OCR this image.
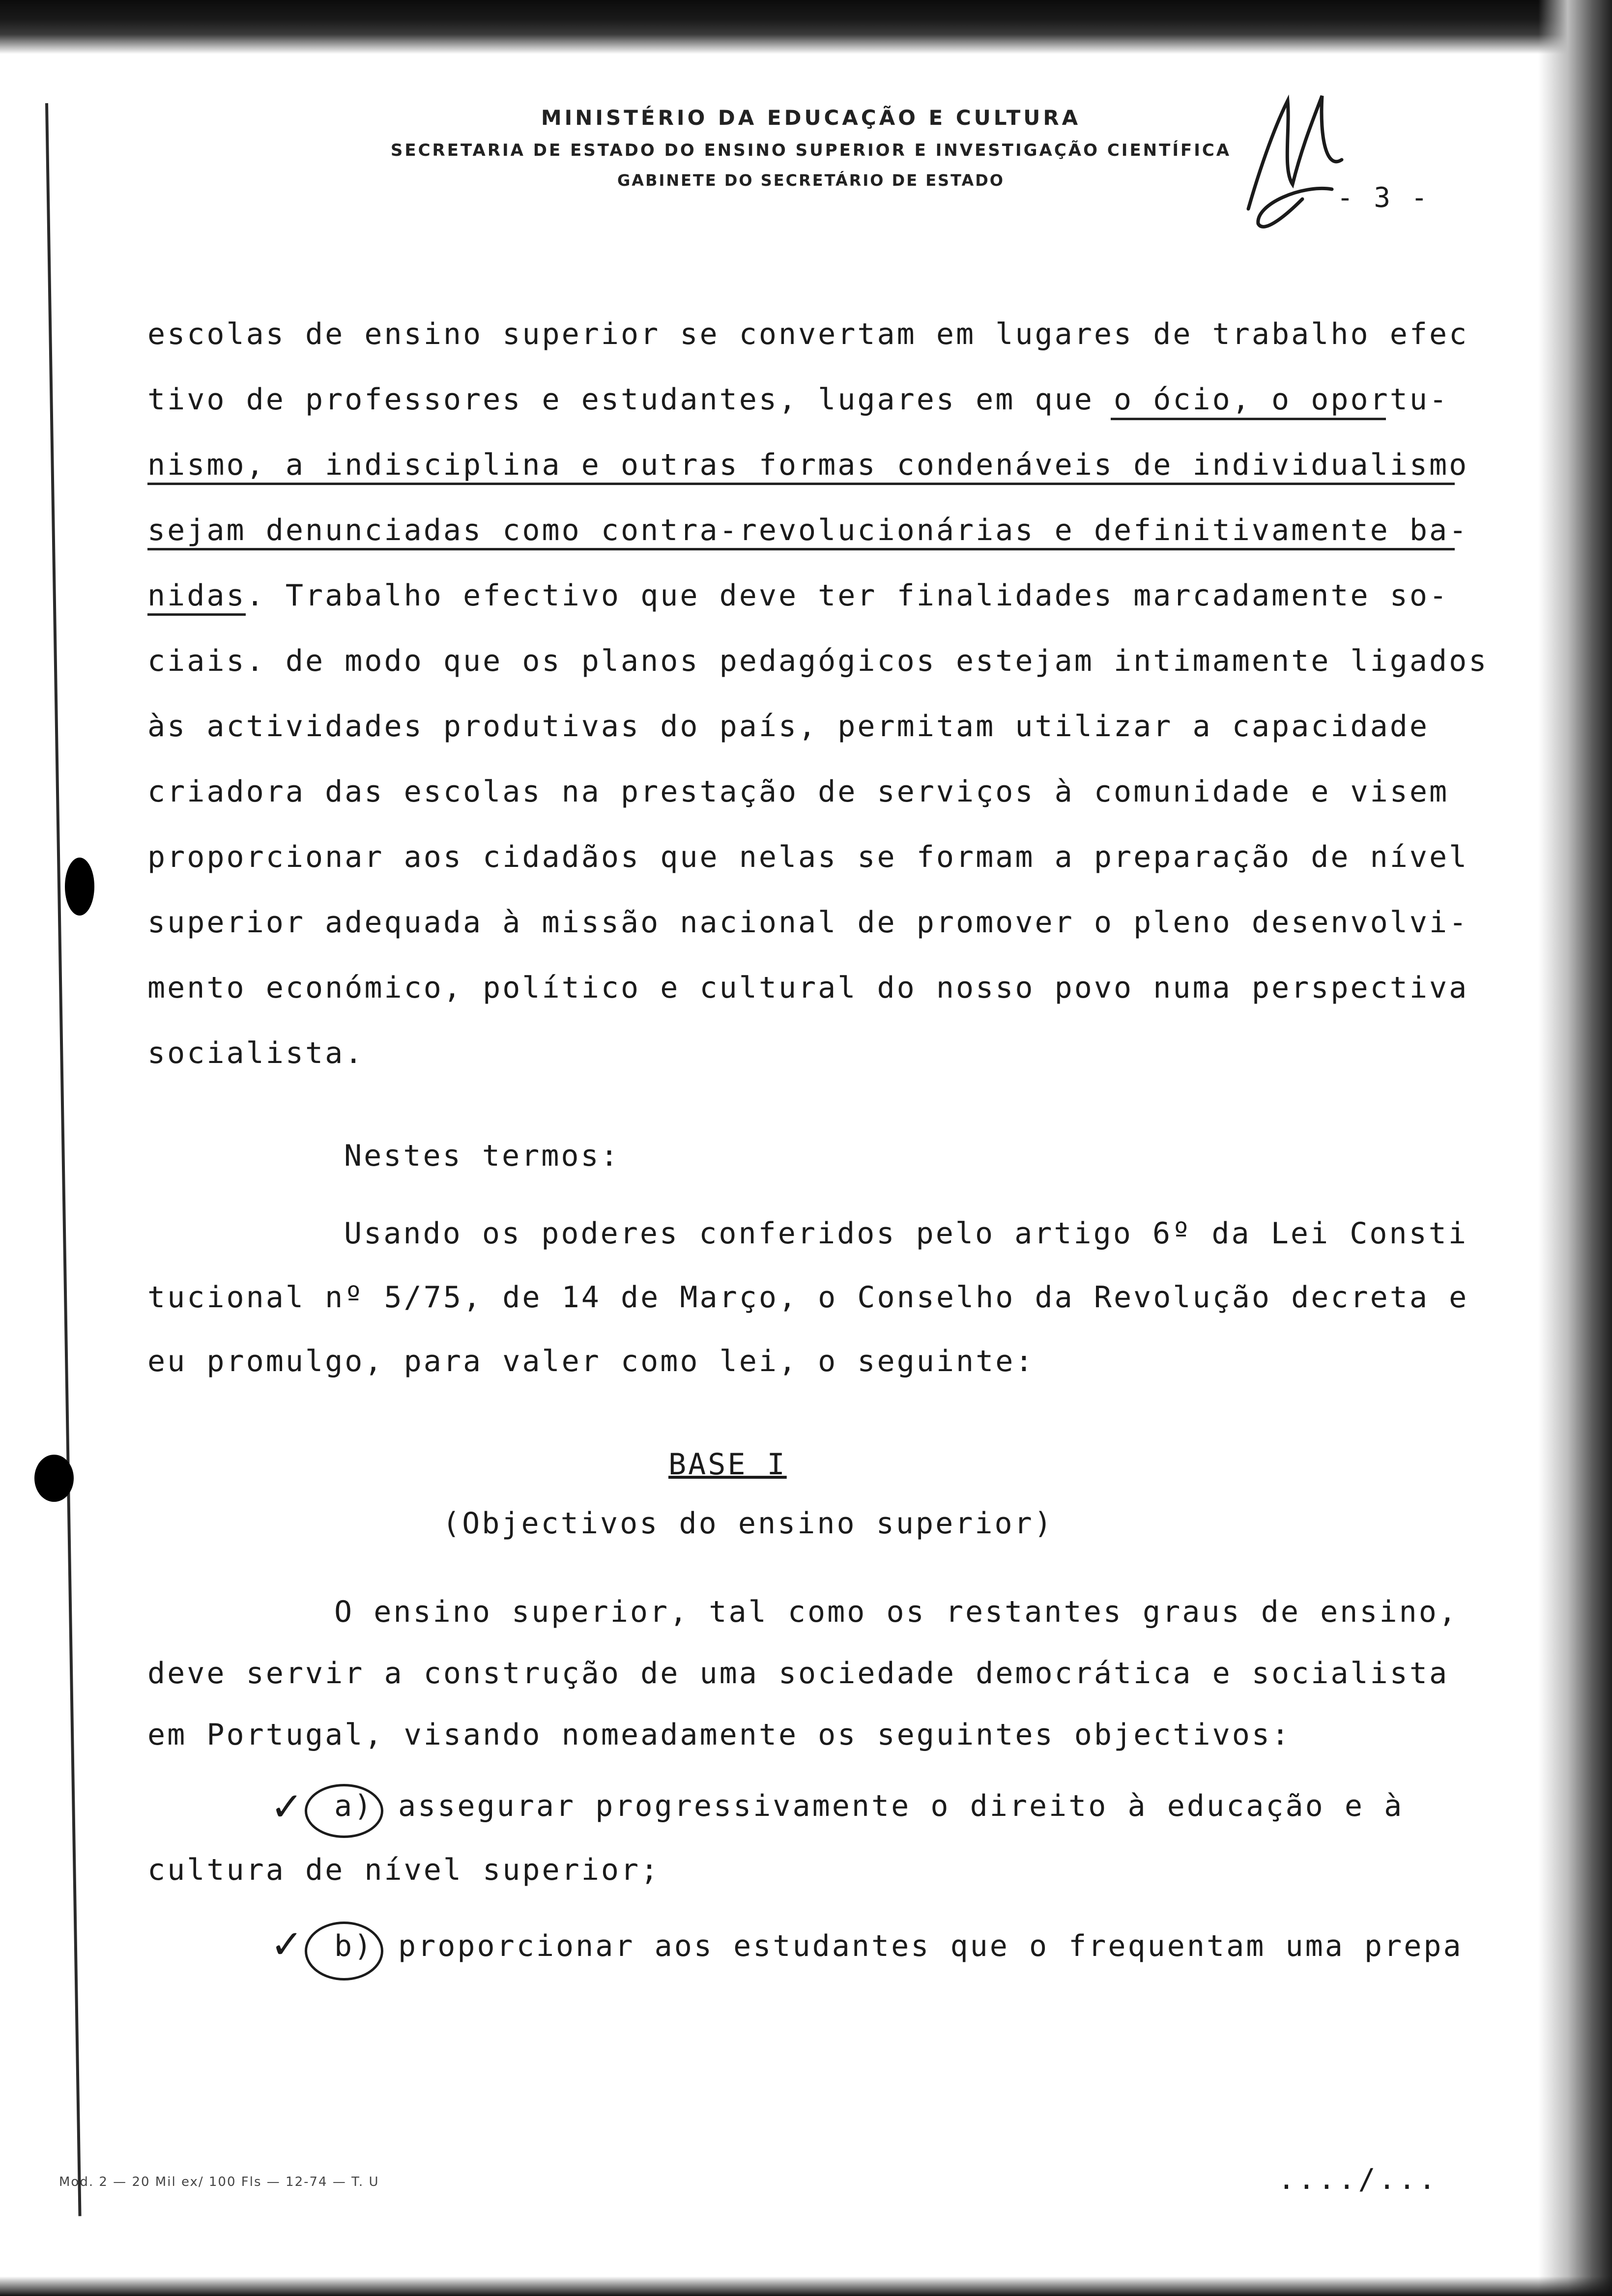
MINISTÉRIO DA EDUCAÇÃO E CULTURA
SECRETARIA DE ESTADO DO ENSINO SUPERIOR E INVESTIGAÇÃO CIENTÍFICA
GABINETE DO SECRETÁRIO DE ESTADO
- 3 -
escolas de ensino superior se convertam em lugares de trabalho efec
tivo de professores e estudantes, lugares em que o ócio, o oportu-
nismo, a indisciplina e outras formas condenáveis de individualismo
sejam denunciadas como contra-revolucionárias e definitivamente ba-
nidas. Trabalho efectivo que deve ter finalidades marcadamente so-
ciais. de modo que os planos pedagógicos estejam intimamente ligados
às actividades produtivas do país, permitam utilizar a capacidade
criadora das escolas na prestação de serviços à comunidade e visem
proporcionar aos cidadãos que nelas se formam a preparação de nível
superior adequada à missão nacional de promover o pleno desenvolvi-
mento económico, político e cultural do nosso povo numa perspectiva
socialista.
Nestes termos:
Usando os poderes conferidos pelo artigo 6º da Lei Consti
tucional nº 5/75, de 14 de Março, o Conselho da Revolução decreta e
eu promulgo, para valer como lei, o seguinte:
BASE I
(Objectivos do ensino superior)
O ensino superior, tal como os restantes graus de ensino,
deve servir a construção de uma sociedade democrática e socialista
em Portugal, visando nomeadamente os seguintes objectivos:
✓ a) assegurar progressivamente o direito à educação e à
cultura de nível superior;
✓ b) proporcionar aos estudantes que o frequentam uma prepa
..../...
Mod. 2 — 20 Mil ex/ 100 Fls — 12-74 — T. U
